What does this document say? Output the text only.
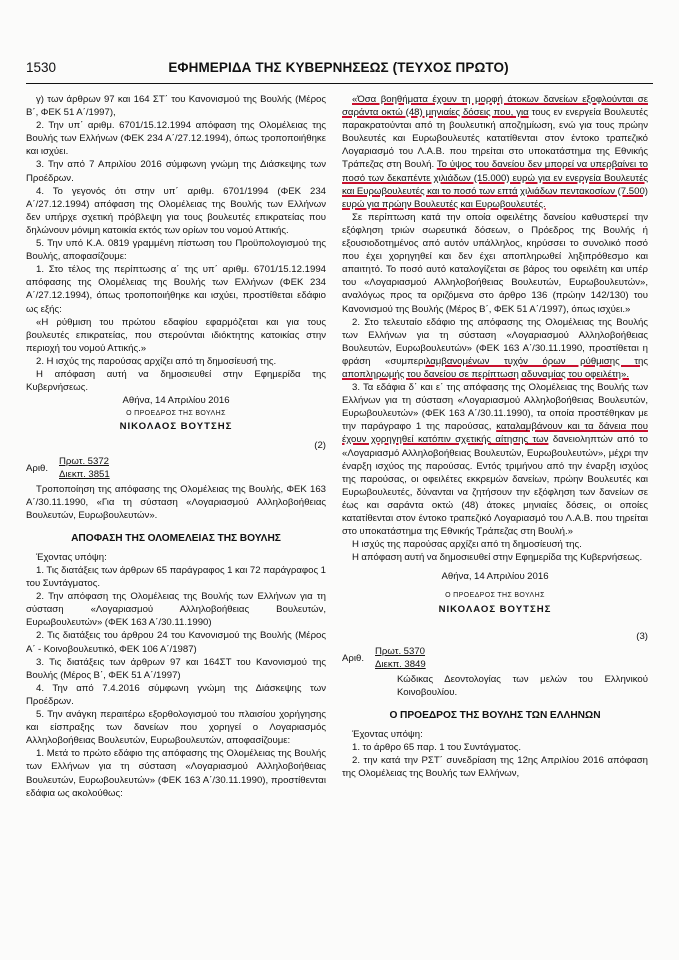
ΕΦΗΜΕΡΙΔΑ ΤΗΣ ΚΥΒΕΡΝΗΣΕΩΣ (ΤΕΥΧΟΣ ΠΡΩΤΟ)
1530

γ) των άρθρων 97 και 164 ΣΤ΄ του Κανονισμού της Βουλής (Μέρος Β΄, ΦΕΚ 51 Α΄/1997),

2. Την υπ΄ αριθμ. 6701/15.12.1994 απόφαση της Ολομέλειας της Βουλής των Ελλήνων (ΦΕΚ 234 Α΄/27.12.1994), όπως τροποποιήθηκε και ισχύει.

3. Την από 7 Απριλίου 2016 σύμφωνη γνώμη της Διάσκεψης των Προέδρων.

4. Το γεγονός ότι στην υπ΄ αριθμ. 6701/1994 (ΦΕΚ 234 Α΄/27.12.1994) απόφαση της Ολομέλειας της Βουλής των Ελλήνων δεν υπήρχε σχετική πρόβλεψη για τους βουλευτές επικρατείας που δηλώνουν μόνιμη κατοικία εκτός των ορίων του νομού Αττικής.

5. Την υπό Κ.Α. 0819 γραμμένη πίστωση του Προϋπολογισμού της Βουλής, αποφασίζουμε:

1. Στο τέλος της περίπτωσης α΄ της υπ΄ αριθμ. 6701/15.12.1994 απόφασης της Ολομέλειας της Βουλής των Ελλήνων (ΦΕΚ 234 Α΄/27.12.1994), όπως τροποποιήθηκε και ισχύει, προστίθεται εδάφιο ως εξής:

«Η ρύθμιση του πρώτου εδαφίου εφαρμόζεται και για τους βουλευτές επικρατείας, που στερούνται ιδιόκτητης κατοικίας στην περιοχή του νομού Αττικής.»

2. Η ισχύς της παρούσας αρχίζει από τη δημοσίευσή της.

Η απόφαση αυτή να δημοσιευθεί στην Εφημερίδα της Κυβερνήσεως.

Αθήνα, 14 Απριλίου 2016

Ο ΠΡΟΕΔΡΟΣ ΤΗΣ ΒΟΥΛΗΣ

ΝΙΚΟΛΑΟΣ ΒΟΥΤΣΗΣ

(2)

Αριθ.
Πρωτ. 5372
Διεκπ. 3851

Τροποποίηση της απόφασης της Ολομέλειας της Βουλής, ΦΕΚ 163 Α΄/30.11.1990, «Για τη σύσταση «Λογαριασμού Αλληλοβοήθειας Βουλευτών, Ευρωβουλευτών».

ΑΠΟΦΑΣΗ ΤΗΣ ΟΛΟΜΕΛΕΙΑΣ ΤΗΣ ΒΟΥΛΗΣ

Έχοντας υπόψη:

1. Τις διατάξεις των άρθρων 65 παράγραφος 1 και 72 παράγραφος 1 του Συντάγματος.

2. Την απόφαση της Ολομέλειας της Βουλής των Ελλήνων για τη σύσταση «Λογαριασμού Αλληλοβοήθειας Βουλευτών, Ευρωβουλευτών» (ΦΕΚ 163 Α΄/30.11.1990)

2. Τις διατάξεις του άρθρου 24 του Κανονισμού της Βουλής (Μέρος Α΄ - Κοινοβουλευτικό, ΦΕΚ 106 Α΄/1987)

3. Τις διατάξεις των άρθρων 97 και 164ΣΤ του Κανονισμού της Βουλής (Μέρος Β΄, ΦΕΚ 51 Α΄/1997)

4. Την από 7.4.2016 σύμφωνη γνώμη της Διάσκεψης των Προέδρων.

5. Την ανάγκη περαιτέρω εξορθολογισμού του πλαισίου χορήγησης και είσπραξης των δανείων που χορηγεί ο Λογαριασμός Αλληλοβοήθειας Βουλευτών, Ευρωβουλευτών, αποφασίζουμε:

1. Μετά το πρώτο εδάφιο της απόφασης της Ολομέλειας της Βουλής των Ελλήνων για τη σύσταση «Λογαριασμού Αλληλοβοήθειας Βουλευτών, Ευρωβουλευτών» (ΦΕΚ 163 Α΄/30.11.1990), προστίθενται εδάφια ως ακολούθως:

«Όσα βοηθήματα έχουν τη μορφή άτοκων δανείων εξοφλούνται σε σαράντα οκτώ (48) μηνιαίες δόσεις που, για τους εν ενεργεία Βουλευτές παρακρατούνται από τη βουλευτική αποζημίωση, ενώ για τους πρώην Βουλευτές και Ευρωβουλευτές κατατίθενται στον έντοκο τραπεζικό Λογαριασμό του Λ.Α.Β. που τηρείται στο υποκατάστημα της Εθνικής Τράπεζας στη Βουλή. Το ύψος του δανείου δεν μπορεί να υπερβαίνει το ποσό των δεκαπέντε χιλιάδων (15.000) ευρώ για εν ενεργεία Βουλευτές και Ευρωβουλευτές και το ποσό των επτά χιλιάδων πεντακοσίων (7.500) ευρώ για πρώην Βουλευτές και Ευρωβουλευτές.

Σε περίπτωση κατά την οποία οφειλέτης δανείου καθυστερεί την εξόφληση τριών σωρευτικά δόσεων, ο Πρόεδρος της Βουλής ή εξουσιοδοτημένος από αυτόν υπάλληλος, κηρύσσει το συνολικό ποσό που έχει χορηγηθεί και δεν έχει αποπληρωθεί ληξιπρόθεσμο και απαιτητό. Το ποσό αυτό καταλογίζεται σε βάρος του οφειλέτη και υπέρ του «Λογαριασμού Αλληλοβοήθειας Βουλευτών, Ευρωβουλευτών», αναλόγως προς τα οριζόμενα στο άρθρο 136 (πρώην 142/130) του Κανονισμού της Βουλής (Μέρος Β΄, ΦΕΚ 51 Α΄/1997), όπως ισχύει.»

2. Στο τελευταίο εδάφιο της απόφασης της Ολομέλειας της Βουλής των Ελλήνων για τη σύσταση «Λογαριασμού Αλληλοβοήθειας Βουλευτών, Ευρωβουλευτών» (ΦΕΚ 163 Α΄/30.11.1990, προστίθεται η φράση «συμπεριλαμβανομένων τυχόν όρων ρύθμισης της αποπληρωμής του δανείου σε περίπτωση αδυναμίας του οφειλέτη».

3. Τα εδάφια δ΄ και ε΄ της απόφασης της Ολομέλειας της Βουλής των Ελλήνων για τη σύσταση «Λογαριασμού Αλληλοβοήθειας Βουλευτών, Ευρωβουλευτών» (ΦΕΚ 163 Α΄/30.11.1990), τα οποία προστέθηκαν με την παράγραφο 1 της παρούσας, καταλαμβάνουν και τα δάνεια που έχουν χορηγηθεί κατόπιν σχετικής αίτησης των δανειοληπτών από το «Λογαριασμό Αλληλοβοήθειας Βουλευτών, Ευρωβουλευτών», μέχρι την έναρξη ισχύος της παρούσας. Εντός τριμήνου από την έναρξη ισχύος της παρούσας, οι οφειλέτες εκκρεμών δανείων, πρώην Βουλευτές και Ευρωβουλευτές, δύνανται να ζητήσουν την εξόφληση των δανείων σε έως και σαράντα οκτώ (48) άτοκες μηνιαίες δόσεις, οι οποίες κατατίθενται στον έντοκο τραπεζικό Λογαριασμό του Λ.Α.Β. που τηρείται στο υποκατάστημα της Εθνικής Τράπεζας στη Βουλή.»

Η ισχύς της παρούσας αρχίζει από τη δημοσίευσή της.

Η απόφαση αυτή να δημοσιευθεί στην Εφημερίδα της Κυβερνήσεως.

Αθήνα, 14 Απριλίου 2016

Ο ΠΡΟΕΔΡΟΣ ΤΗΣ ΒΟΥΛΗΣ

ΝΙΚΟΛΑΟΣ ΒΟΥΤΣΗΣ

(3)

Αριθ.
Πρωτ. 5370
Διεκπ. 3849

Κώδικας Δεοντολογίας των μελών του Ελληνικού Κοινοβουλίου.

Ο ΠΡΟΕΔΡΟΣ ΤΗΣ ΒΟΥΛΗΣ ΤΩΝ ΕΛΛΗΝΩΝ

Έχοντας υπόψη:

1. το άρθρο 65 παρ. 1 του Συντάγματος.

2. την κατά την ΡΣΤ΄ συνεδρίαση της 12ης Απριλίου 2016 απόφαση της Ολομέλειας της Βουλής των Ελλήνων,
